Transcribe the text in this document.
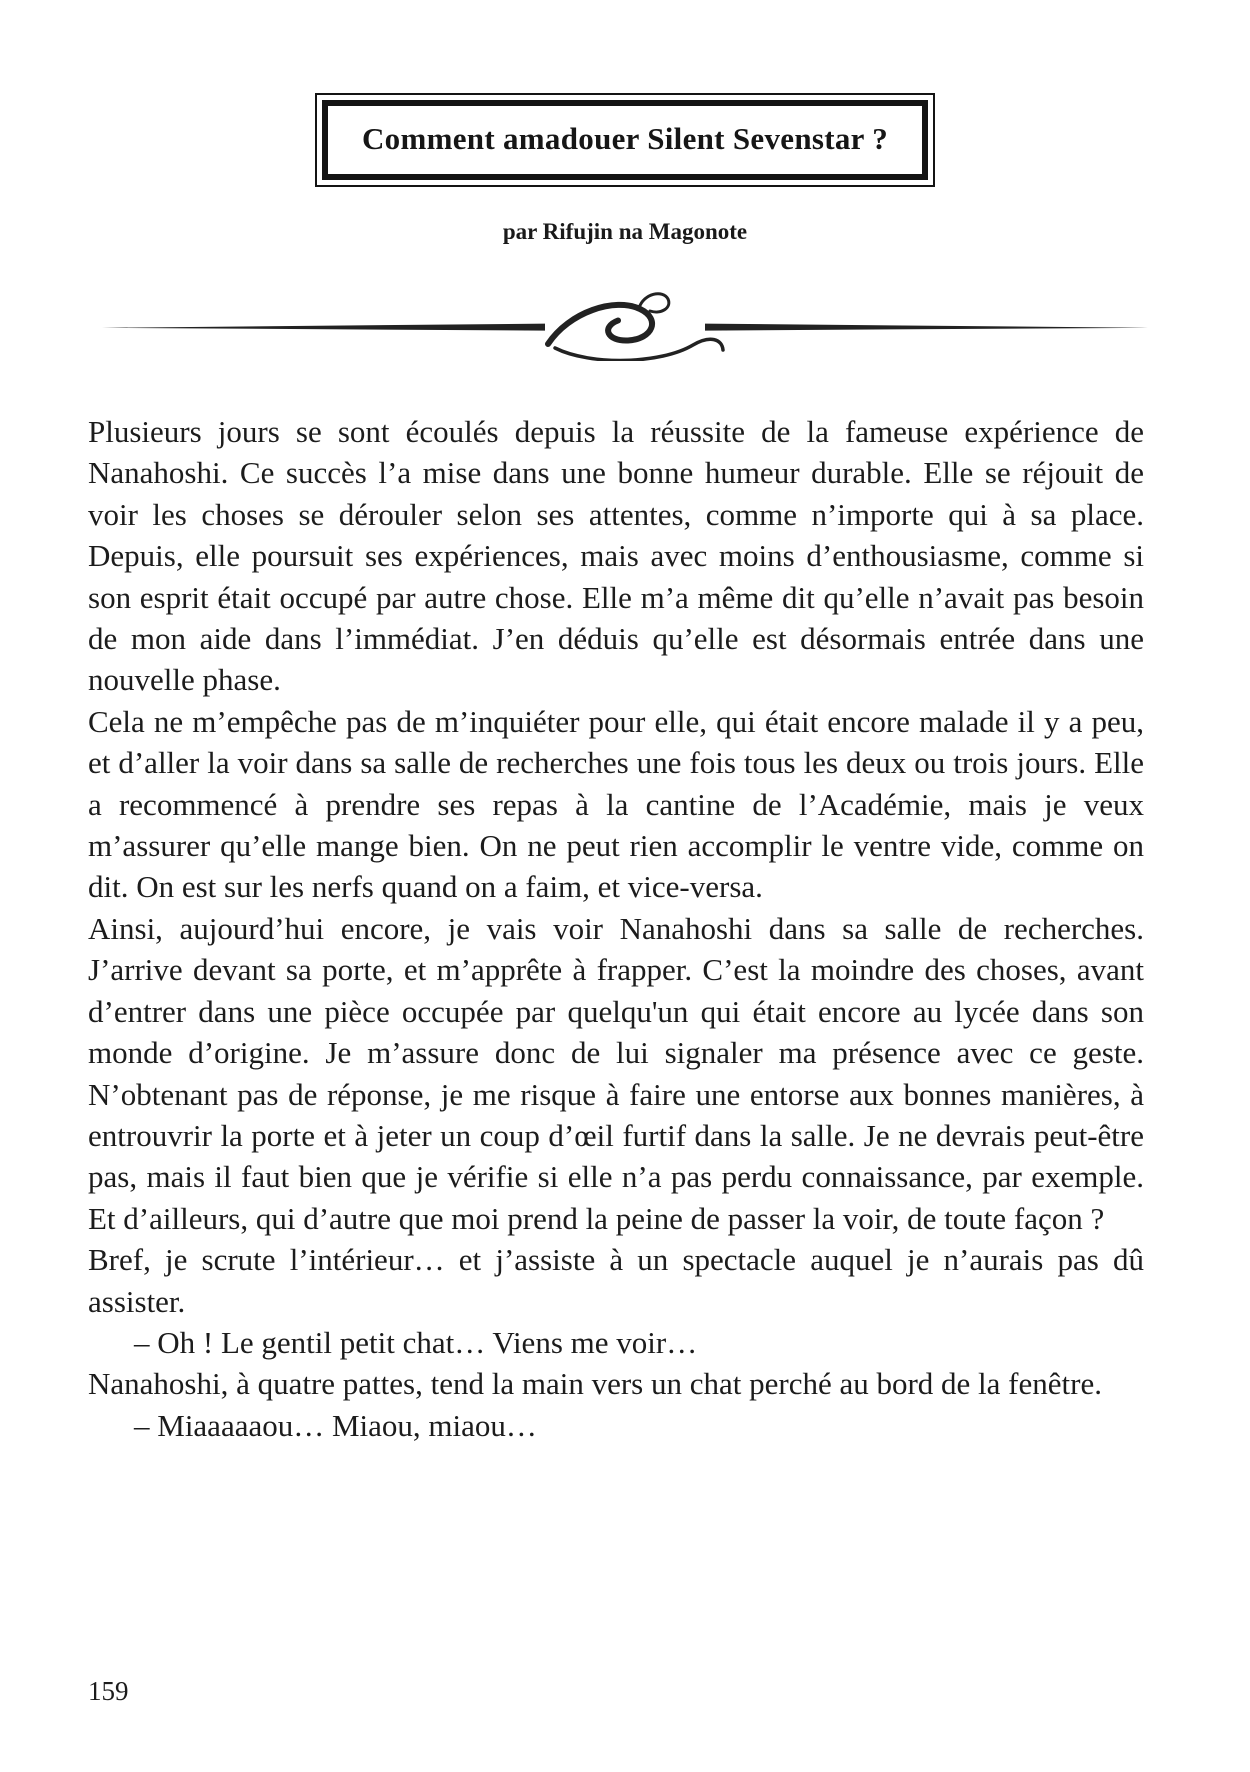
Comment amadouer Silent Sevenstar ?
par Rifujin na Magonote

Plusieurs jours se sont écoulés depuis la réussite de la fameuse expérience de Nanahoshi. Ce succès l’a mise dans une bonne humeur durable. Elle se réjouit de voir les choses se dérouler selon ses attentes, comme n’importe qui à sa place. Depuis, elle poursuit ses expériences, mais avec moins d’enthousiasme, comme si son esprit était occupé par autre chose. Elle m’a même dit qu’elle n’avait pas besoin de mon aide dans l’immédiat. J’en déduis qu’elle est désormais entrée dans une nouvelle phase.

Cela ne m’empêche pas de m’inquiéter pour elle, qui était encore malade il y a peu, et d’aller la voir dans sa salle de recherches une fois tous les deux ou trois jours. Elle a recommencé à prendre ses repas à la cantine de l’Académie, mais je veux m’assurer qu’elle mange bien. On ne peut rien accomplir le ventre vide, comme on dit. On est sur les nerfs quand on a faim, et vice-versa.

Ainsi, aujourd’hui encore, je vais voir Nanahoshi dans sa salle de recherches. J’arrive devant sa porte, et m’apprête à frapper. C’est la moindre des choses, avant d’entrer dans une pièce occupée par quelqu'un qui était encore au lycée dans son monde d’origine. Je m’assure donc de lui signaler ma présence avec ce geste. N’obtenant pas de réponse, je me risque à faire une entorse aux bonnes manières, à entrouvrir la porte et à jeter un coup d’œil furtif dans la salle. Je ne devrais peut-être pas, mais il faut bien que je vérifie si elle n’a pas perdu connaissance, par exemple. Et d’ailleurs, qui d’autre que moi prend la peine de passer la voir, de toute façon ?

Bref, je scrute l’intérieur… et j’assiste à un spectacle auquel je n’aurais pas dû assister.

– Oh ! Le gentil petit chat… Viens me voir…

Nanahoshi, à quatre pattes, tend la main vers un chat perché au bord de la fenêtre.

– Miaaaaaou… Miaou, miaou…

159
